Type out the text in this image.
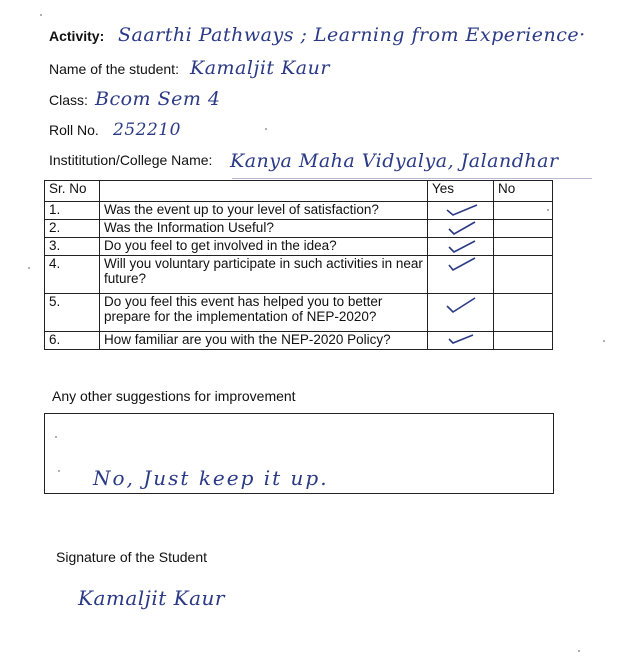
Activity: Saarthi Pathways ; Learning from Experience·
Name of the student: Kamaljit Kaur
Class: Bcom Sem 4
Roll No. 252210
Instititution/College Name: Kanya Maha Vidyalya, Jalandhar
Sr. No		Yes	No
1.	Was the event up to your level of satisfaction?	

2.	Was the Information Useful?	

3.	Do you feel to get involved in the idea?	

4.	Will you voluntary participate in such activities in near future?	

5.	Do you feel this event has helped you to better prepare for the implementation of NEP-2020?	

6.	How familiar are you with the NEP-2020 Policy?	

Any other suggestions for improvement
No, Just keep it up.
Signature of the Student
Kamaljit Kaur
